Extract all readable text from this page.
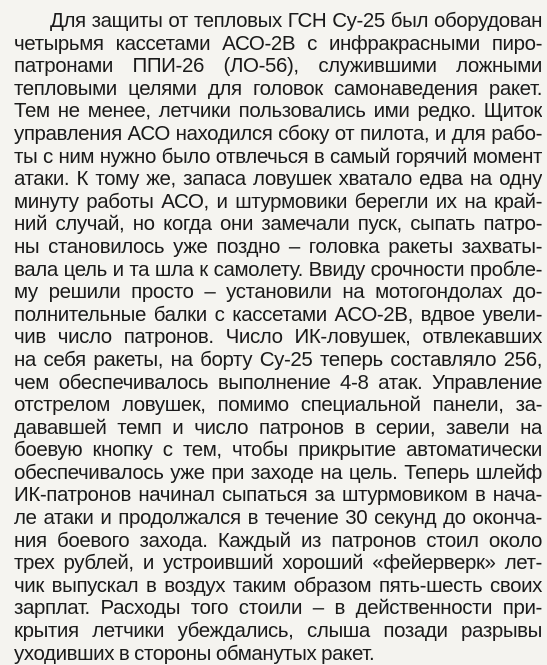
Для защиты от тепловых ГСН Су-25 был оборудован
четырьмя кассетами АСО-2В с инфракрасными пиро-
патронами ППИ-26 (ЛО-56), служившими ложными
тепловыми целями для головок самонаведения ракет.
Тем не менее, летчики пользовались ими редко. Щиток
управления АСО находился сбоку от пилота, и для рабо-
ты с ним нужно было отвлечься в самый горячий момент
атаки. К тому же, запаса ловушек хватало едва на одну
минуту работы АСО, и штурмовики берегли их на край-
ний случай, но когда они замечали пуск, сыпать патро-
ны становилось уже поздно – головка ракеты захваты-
вала цель и та шла к самолету. Ввиду срочности пробле-
му решили просто – установили на мотогондолах до-
полнительные балки с кассетами АСО-2В, вдвое увели-
чив число патронов. Число ИК-ловушек, отвлекавших
на себя ракеты, на борту Су-25 теперь составляло 256,
чем обеспечивалось выполнение 4-8 атак. Управление
отстрелом ловушек, помимо специальной панели, за-
дававшей темп и число патронов в серии, завели на
боевую кнопку с тем, чтобы прикрытие автоматически
обеспечивалось уже при заходе на цель. Теперь шлейф
ИК-патронов начинал сыпаться за штурмовиком в нача-
ле атаки и продолжался в течение 30 секунд до оконча-
ния боевого захода. Каждый из патронов стоил около
трех рублей, и устроивший хороший «фейерверк» лет-
чик выпускал в воздух таким образом пять-шесть своих
зарплат. Расходы того стоили – в действенности при-
крытия летчики убеждались, слыша позади разрывы
уходивших в стороны обманутых ракет.
